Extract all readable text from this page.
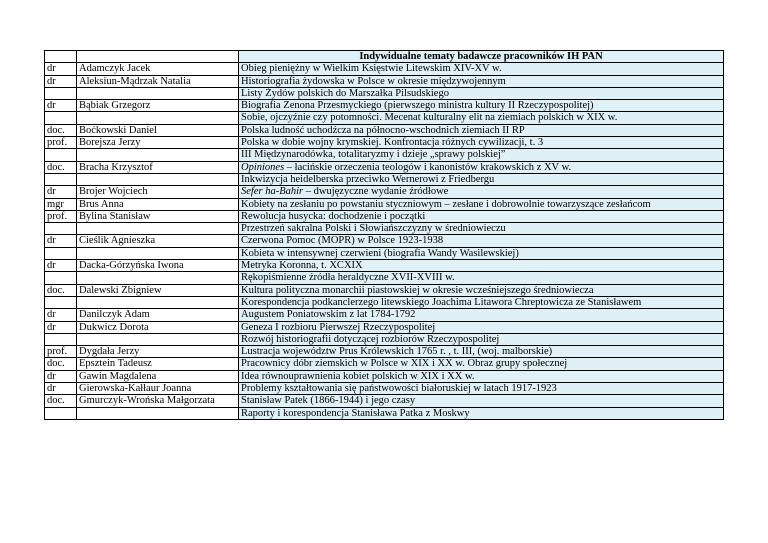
		Indywidualne tematy badawcze pracowników IH PAN
dr	Adamczyk Jacek	Obieg pieniężny w Wielkim Księstwie Litewskim XIV-XV w.
dr	Aleksiun-Mądrzak Natalia	Historiografia żydowska w Polsce w okresie międzywojennym
		Listy Żydów polskich do Marszałka Pilsudskiego
dr	Bąbiak Grzegorz	Biografia Zenona Przesmyckiego (pierwszego ministra kultury II Rzeczypospolitej)
		Sobie, ojczyźnie czy potomności. Mecenat kulturalny elit na ziemiach polskich w XIX w.
doc.	Boćkowski Daniel	Polska ludność uchodźcza na północno-wschodnich ziemiach II RP
prof.	Borejsza Jerzy	Polska w dobie wojny krymskiej. Konfrontacja różnych cywilizacji, t. 3
		III Międzynarodówka, totalitaryzmy i dzieje „sprawy polskiej”
doc.	Bracha Krzysztof	Opiniones – łacińskie orzeczenia teologów i kanonistów krakowskich z XV w.
		Inkwizycja heidelberska przeciwko Wernerowi z Friedbergu
dr	Brojer Wojciech	Sefer ha-Bahir – dwujęzyczne wydanie źródłowe
mgr	Brus Anna	Kobiety na zesłaniu po powstaniu styczniowym – zesłane i dobrowolnie towarzyszące zesłańcom
prof.	Bylina Stanisław	Rewolucja husycka: dochodzenie i początki
		Przestrzeń sakralna Polski i Słowiańszczyzny w średniowieczu
dr	Cieślik Agnieszka	Czerwona Pomoc (MOPR) w Polsce 1923-1938
		Kobieta w intensywnej czerwieni (biografia Wandy Wasilewskiej)
dr	Dacka-Górzyńska Iwona	Metryka Koronna, t. XCXIX
		Rękopiśmienne źródła heraldyczne XVII-XVIII w.
doc.	Dalewski Zbigniew	Kultura polityczna monarchii piastowskiej w okresie wcześniejszego średniowiecza
		Korespondencja podkanclerzego litewskiego Joachima Litawora Chreptowicza ze Stanisławem
dr	Danilczyk Adam	Augustem Poniatowskim z lat 1784-1792
dr	Dukwicz Dorota	Geneza I rozbioru Pierwszej Rzeczypospolitej
		Rozwój historiografii dotyczącej rozbiorów Rzeczypospolitej
prof.	Dygdała Jerzy	Lustracja województw Prus Królewskich 1765 r. , t. III, (woj. malborskie)
doc.	Epsztein Tadeusz	Pracownicy dóbr ziemskich w Polsce w XIX i XX w. Obraz grupy społecznej
dr	Gawin Magdalena	Idea równouprawnienia kobiet polskich w XIX i XX w.
dr	Gierowska-Kałłaur Joanna	Problemy kształtowania się państwowości białoruskiej w latach 1917-1923
doc.	Gmurczyk-Wrońska Małgorzata	Stanisław Patek (1866-1944) i jego czasy
		Raporty i korespondencja Stanisława Patka z Moskwy
